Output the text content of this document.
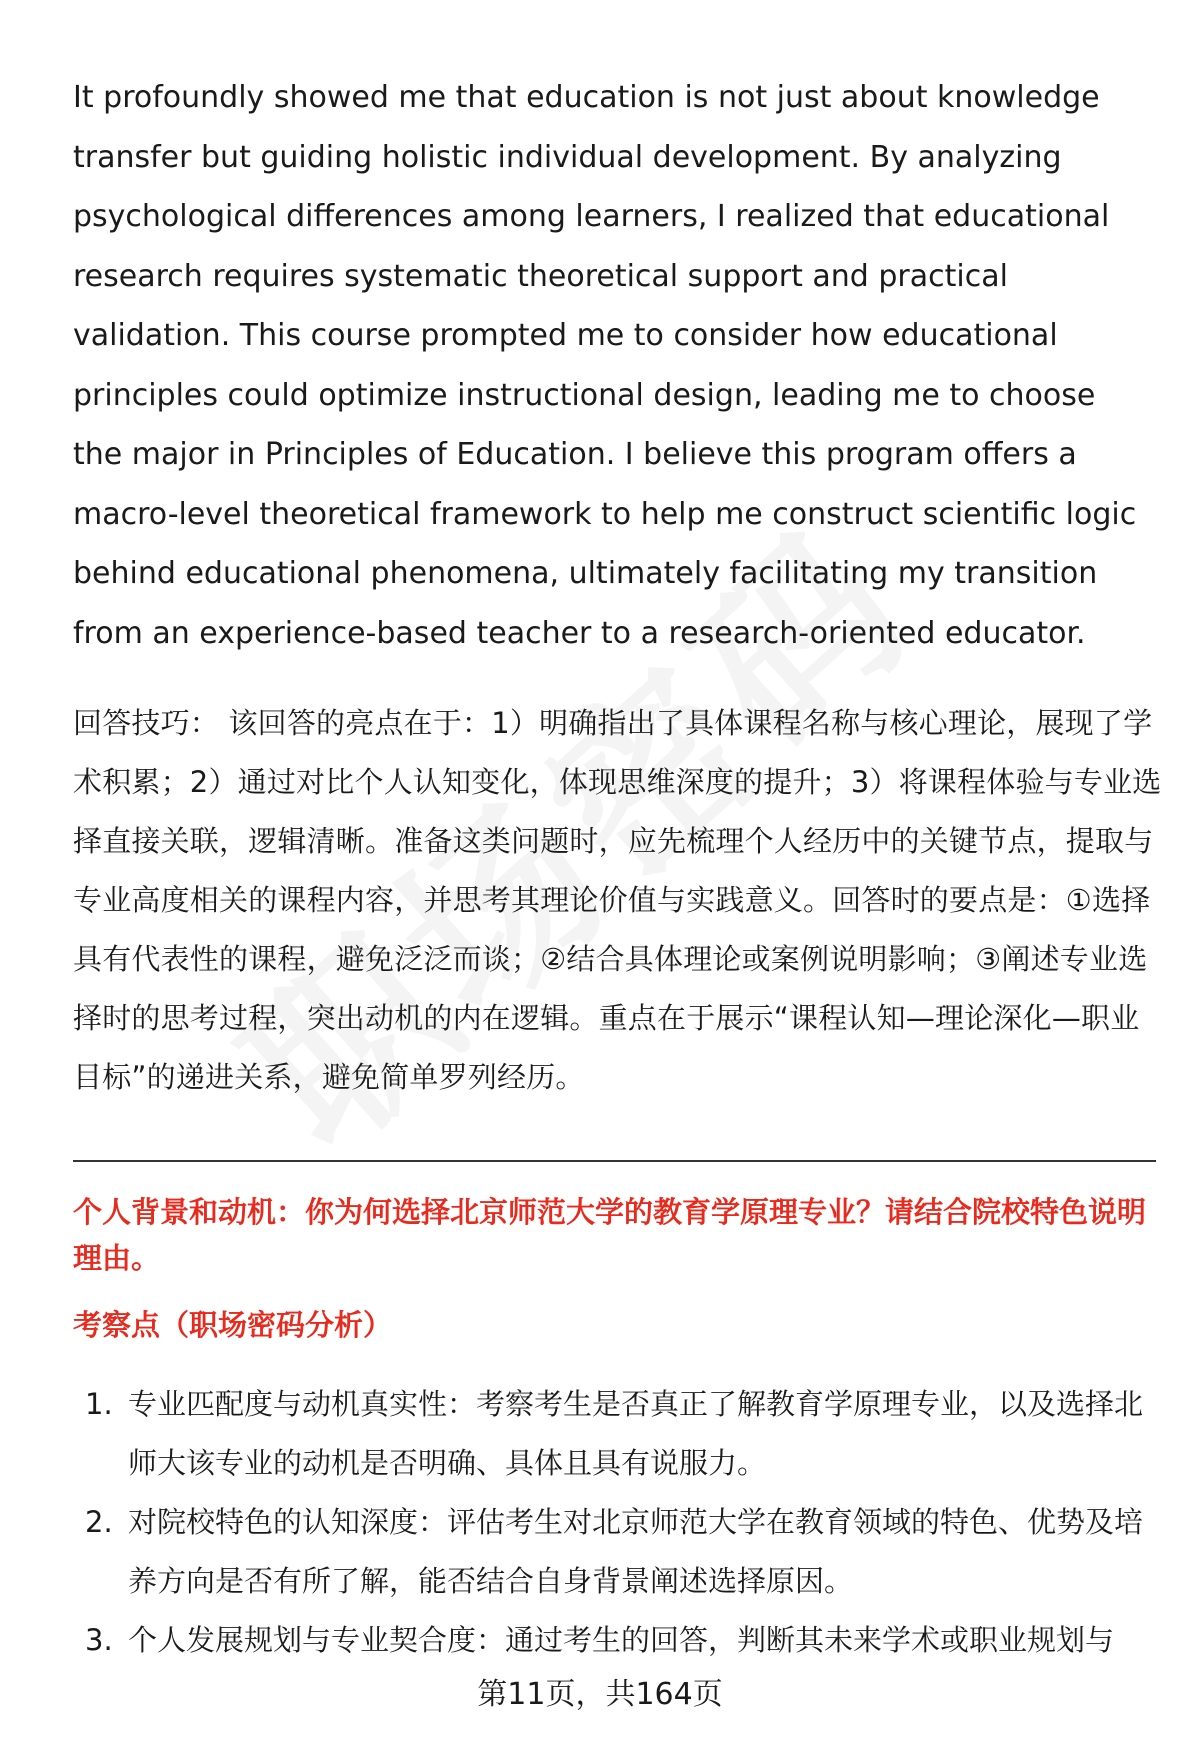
It profoundly showed me that education is not just about knowledge transfer but guiding holistic individual development. By analyzing psychological differences among learners, I realized that educational research requires systematic theoretical support and practical validation. This course prompted me to consider how educational principles could optimize instructional design, leading me to choose the major in Principles of Education. I believe this program offers a macro-level theoretical framework to help me construct scientific logic behind educational phenomena, ultimately facilitating my transition from an experience-based teacher to a research-oriented educator.

回答技巧： 该回答的亮点在于：1）明确指出了具体课程名称与核心理论，展现了学术积累；2）通过对比个人认知变化，体现思维深度的提升；3）将课程体验与专业选择直接关联，逻辑清晰。准备这类问题时，应先梳理个人经历中的关键节点，提取与专业高度相关的课程内容，并思考其理论价值与实践意义。回答时的要点是：①选择具有代表性的课程，避免泛泛而谈；②结合具体理论或案例说明影响；③阐述专业选择时的思考过程，突出动机的内在逻辑。重点在于展示“课程认知—理论深化—职业目标”的递进关系，避免简单罗列经历。

个人背景和动机：你为何选择北京师范大学的教育学原理专业？请结合院校特色说明理由。

考察点（职场密码分析）

1. 专业匹配度与动机真实性：考察考生是否真正了解教育学原理专业，以及选择北师大该专业的动机是否明确、具体且具有说服力。
2. 对院校特色的认知深度：评估考生对北京师范大学在教育领域的特色、优势及培养方向是否有所了解，能否结合自身背景阐述选择原因。
3. 个人发展规划与专业契合度：通过考生的回答，判断其未来学术或职业规划与
第11页，共164页
